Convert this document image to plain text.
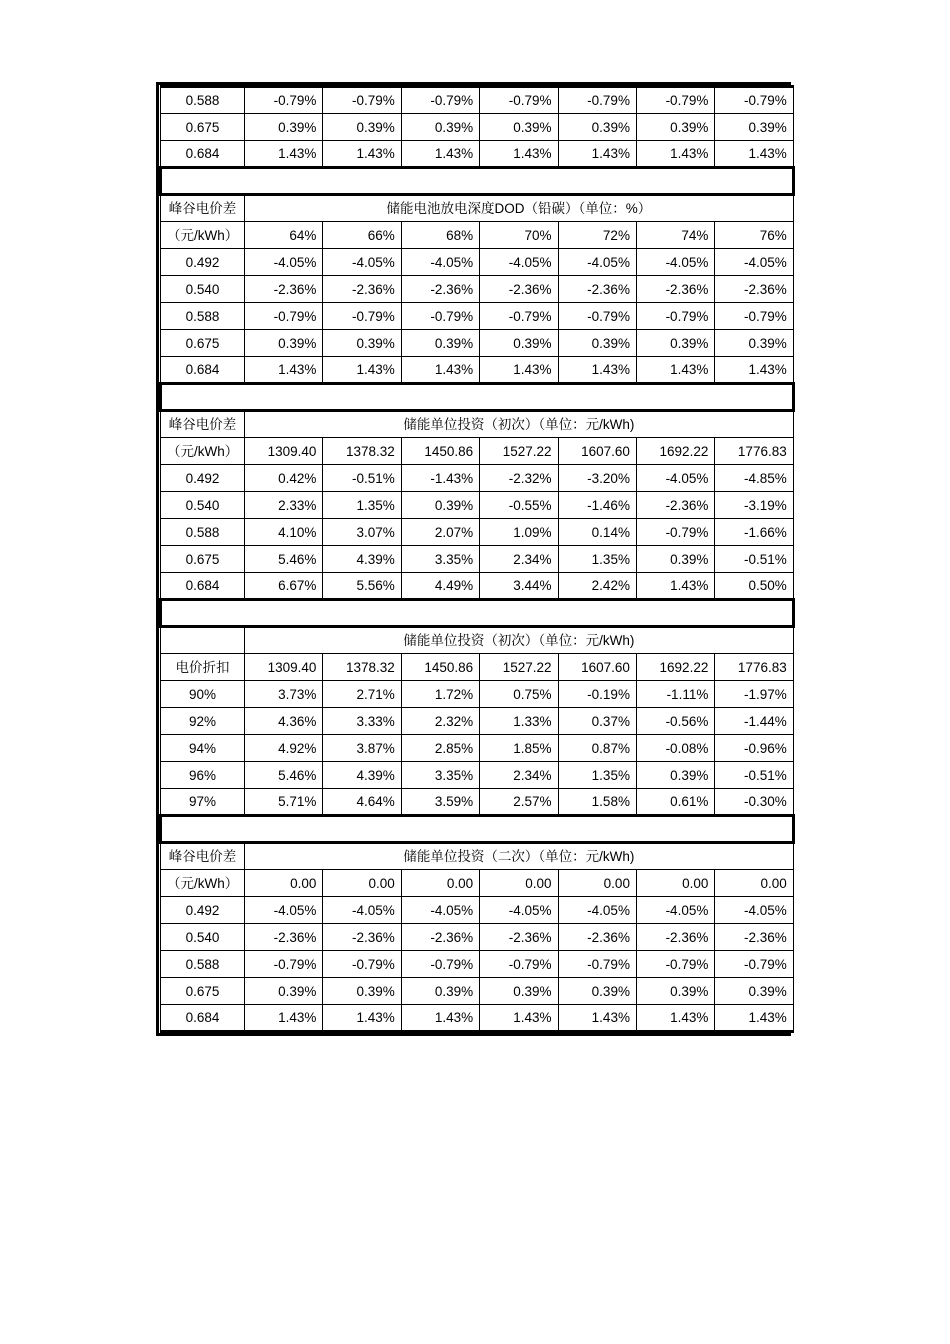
0.588	-0.79%	-0.79%	-0.79%	-0.79%	-0.79%	-0.79%	-0.79%
0.675	0.39%	0.39%	0.39%	0.39%	0.39%	0.39%	0.39%
0.684	1.43%	1.43%	1.43%	1.43%	1.43%	1.43%	1.43%

峰谷电价差	储能电池放电深度DOD（铅碳）（单位：%）						
（元/kWh）	64%	66%	68%	70%	72%	74%	76%
0.492	-4.05%	-4.05%	-4.05%	-4.05%	-4.05%	-4.05%	-4.05%
0.540	-2.36%	-2.36%	-2.36%	-2.36%	-2.36%	-2.36%	-2.36%
0.588	-0.79%	-0.79%	-0.79%	-0.79%	-0.79%	-0.79%	-0.79%
0.675	0.39%	0.39%	0.39%	0.39%	0.39%	0.39%	0.39%
0.684	1.43%	1.43%	1.43%	1.43%	1.43%	1.43%	1.43%

峰谷电价差	储能单位投资（初次）（单位：元/kWh)						
（元/kWh）	1309.40	1378.32	1450.86	1527.22	1607.60	1692.22	1776.83
0.492	0.42%	-0.51%	-1.43%	-2.32%	-3.20%	-4.05%	-4.85%
0.540	2.33%	1.35%	0.39%	-0.55%	-1.46%	-2.36%	-3.19%
0.588	4.10%	3.07%	2.07%	1.09%	0.14%	-0.79%	-1.66%
0.675	5.46%	4.39%	3.35%	2.34%	1.35%	0.39%	-0.51%
0.684	6.67%	5.56%	4.49%	3.44%	2.42%	1.43%	0.50%

	储能单位投资（初次）（单位：元/kWh)						
电价折扣	1309.40	1378.32	1450.86	1527.22	1607.60	1692.22	1776.83
90%	3.73%	2.71%	1.72%	0.75%	-0.19%	-1.11%	-1.97%
92%	4.36%	3.33%	2.32%	1.33%	0.37%	-0.56%	-1.44%
94%	4.92%	3.87%	2.85%	1.85%	0.87%	-0.08%	-0.96%
96%	5.46%	4.39%	3.35%	2.34%	1.35%	0.39%	-0.51%
97%	5.71%	4.64%	3.59%	2.57%	1.58%	0.61%	-0.30%

峰谷电价差	储能单位投资（二次）（单位：元/kWh)						
（元/kWh）	0.00	0.00	0.00	0.00	0.00	0.00	0.00
0.492	-4.05%	-4.05%	-4.05%	-4.05%	-4.05%	-4.05%	-4.05%
0.540	-2.36%	-2.36%	-2.36%	-2.36%	-2.36%	-2.36%	-2.36%
0.588	-0.79%	-0.79%	-0.79%	-0.79%	-0.79%	-0.79%	-0.79%
0.675	0.39%	0.39%	0.39%	0.39%	0.39%	0.39%	0.39%
0.684	1.43%	1.43%	1.43%	1.43%	1.43%	1.43%	1.43%
